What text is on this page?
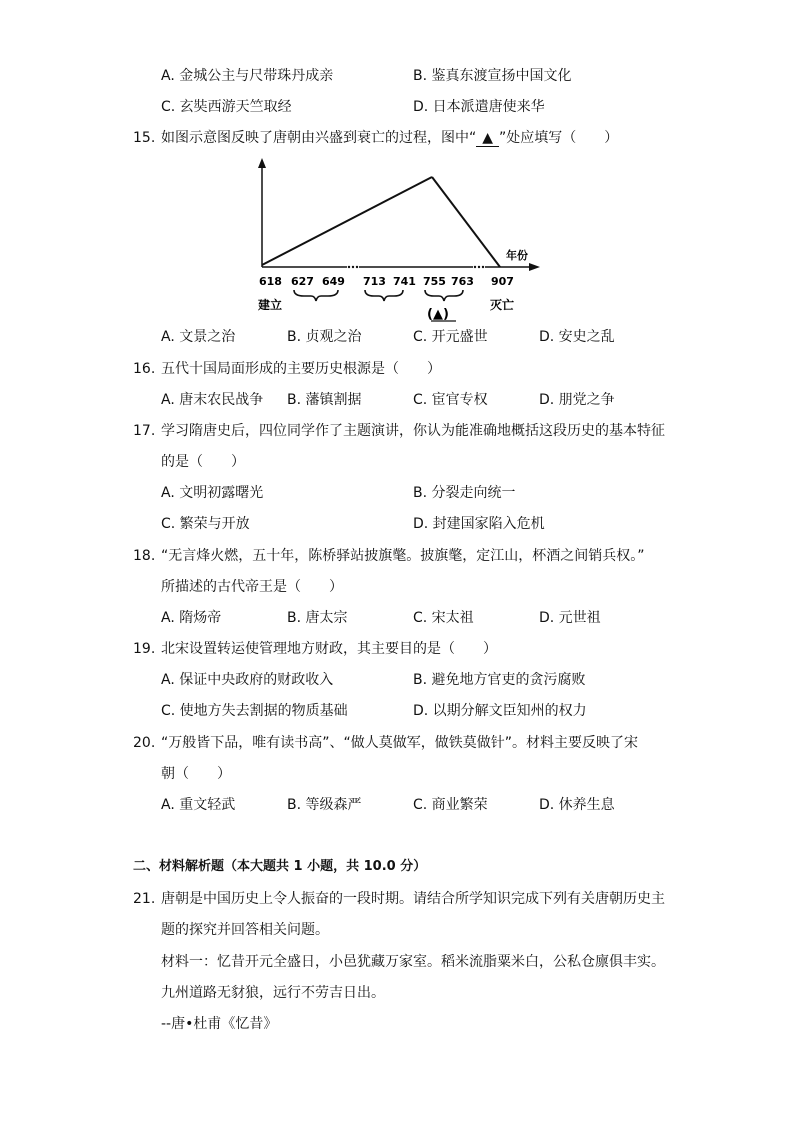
A. 金城公主与尺带珠丹成亲	B. 鉴真东渡宣扬中国文化
C. 玄奘西游天竺取经	D. 日本派遣唐使来华
15. 如图示意图反映了唐朝由兴盛到衰亡的过程，图中“ ▲ ”处应填写（　　）
618 627 649 713 741 755 763 907
年份
建立	灭亡
(▲)
A. 文景之治	B. 贞观之治	C. 开元盛世	D. 安史之乱
16. 五代十国局面形成的主要历史根源是（　　）
A. 唐末农民战争 B. 藩镇割据	C. 宦官专权	D. 朋党之争
17. 学习隋唐史后，四位同学作了主题演讲，你认为能准确地概括这段历史的基本特征
的是（　　）
A. 文明初露曙光	B. 分裂走向统一
C. 繁荣与开放	D. 封建国家陷入危机
18. “无言烽火燃，五十年，陈桥驿站披旗氅。披旗氅，定江山，杯酒之间销兵权。”
所描述的古代帝王是（　　）
A. 隋炀帝	B. 唐太宗	C. 宋太祖	D. 元世祖
19. 北宋设置转运使管理地方财政，其主要目的是（　　）
A. 保证中央政府的财政收入	B. 避免地方官吏的贪污腐败
C. 使地方失去割据的物质基础	D. 以期分解文臣知州的权力
20. “万般皆下品，唯有读书高”、“做人莫做军，做铁莫做针”。材料主要反映了宋
朝（　　）
A. 重文轻武	B. 等级森严	C. 商业繁荣	D. 休养生息
二、材料解析题（本大题共 1 小题，共 10.0 分）
21. 唐朝是中国历史上令人振奋的一段时期。请结合所学知识完成下列有关唐朝历史主
题的探究并回答相关问题。
材料一：忆昔开元全盛日，小邑犹藏万家室。稻米流脂粟米白，公私仓廪俱丰实。
九州道路无豺狼，远行不劳吉日出。
--唐•杜甫《忆昔》
